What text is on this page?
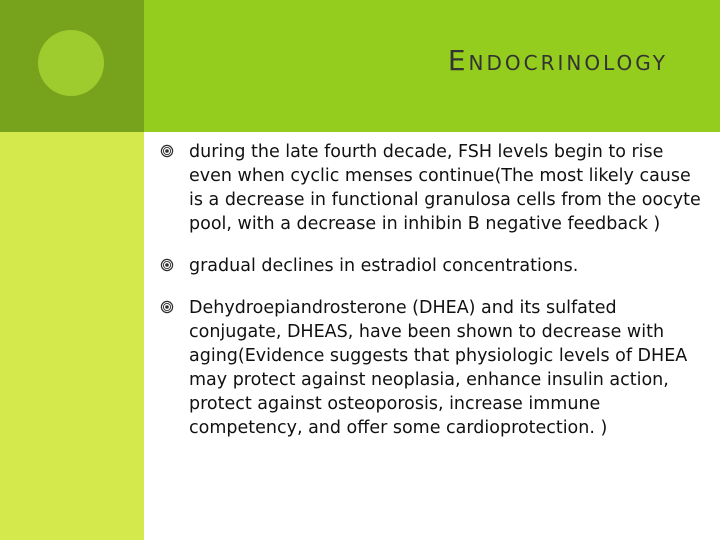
Endocrinology
during the late fourth decade, FSH levels begin to rise even when cyclic menses continue(The most likely cause is a decrease in functional granulosa cells from the oocyte pool, with a decrease in inhibin B negative feedback )
gradual declines in estradiol concentrations.
Dehydroepiandrosterone (DHEA) and its sulfated conjugate, DHEAS, have been shown to decrease with aging(Evidence suggests that physiologic levels of DHEA may protect against neoplasia, enhance insulin action, protect against osteoporosis, increase immune competency, and offer some cardioprotection. )
